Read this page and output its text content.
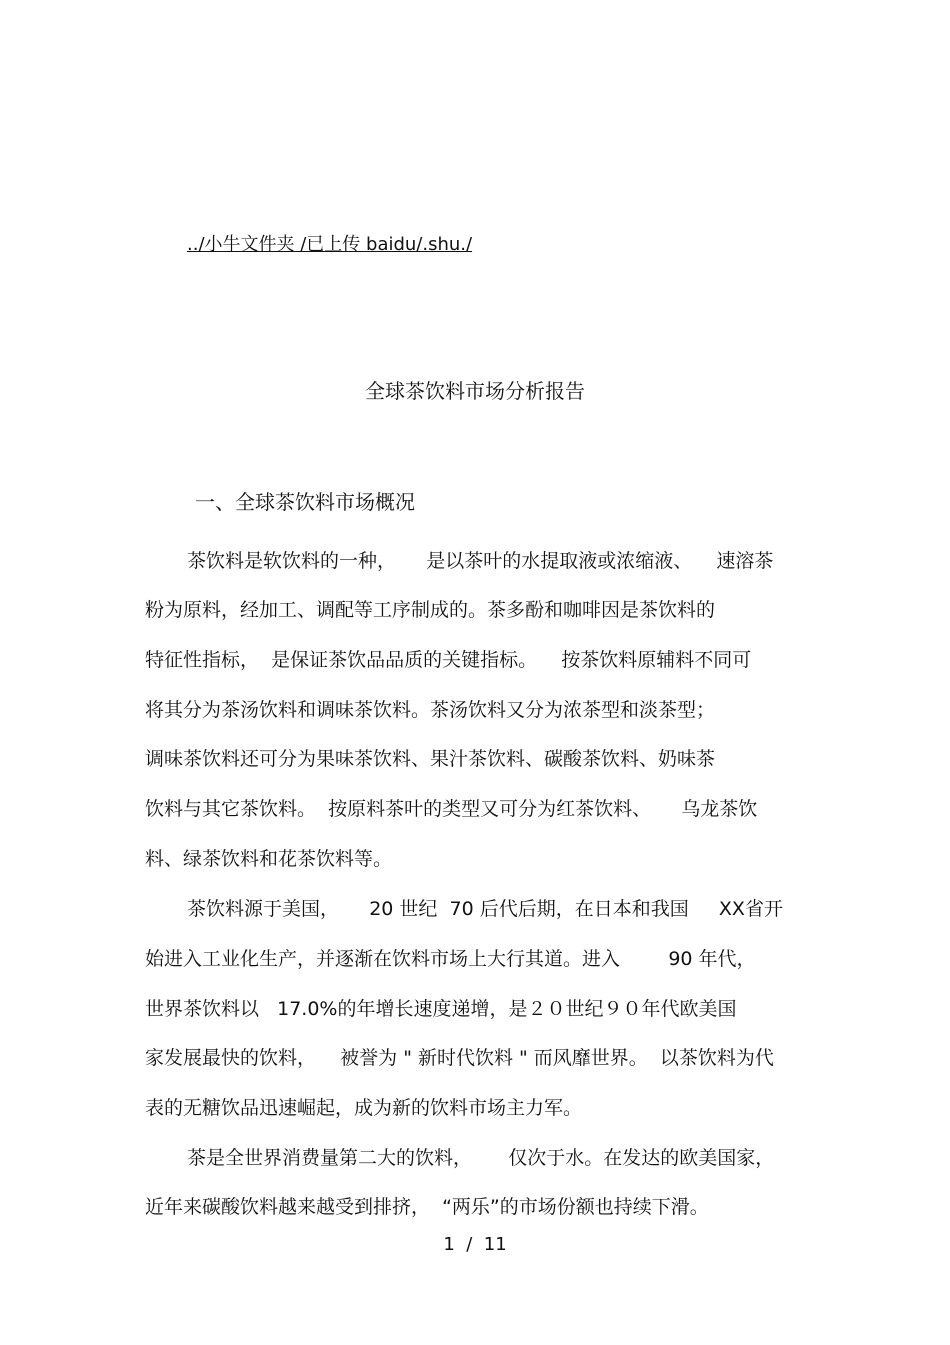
../小牛文件夹 /已上传 baidu/.shu./
全球茶饮料市场分析报告
一、全球茶饮料市场概况
茶饮料是软饮料的一种，     是以茶叶的水提取液或浓缩液、    速溶茶
粉为原料，经加工、调配等工序制成的。茶多酚和咖啡因是茶饮料的
特征性指标，  是保证茶饮品品质的关键指标。    按茶饮料原辅料不同可
将其分为茶汤饮料和调味茶饮料。茶汤饮料又分为浓茶型和淡茶型；
调味茶饮料还可分为果味茶饮料、果汁茶饮料、碳酸茶饮料、奶味茶
饮料与其它茶饮料。  按原料茶叶的类型又可分为红茶饮料、     乌龙茶饮
料、绿茶饮料和花茶饮料等。
茶饮料源于美国，     20 世纪  70 后代后期，在日本和我国     XX省开
始进入工业化生产，并逐渐在饮料市场上大行其道。进入        90 年代，
世界茶饮料以   17.0%的年增长速度递增，是２０世纪９０年代欧美国
家发展最快的饮料，    被誉为 " 新时代饮料 " 而风靡世界。  以茶饮料为代
表的无糖饮品迅速崛起，成为新的饮料市场主力军。
茶是全世界消费量第二大的饮料，      仅次于水。在发达的欧美国家，
近年来碳酸饮料越来越受到排挤，  “两乐”的市场份额也持续下滑。
1  /  11
